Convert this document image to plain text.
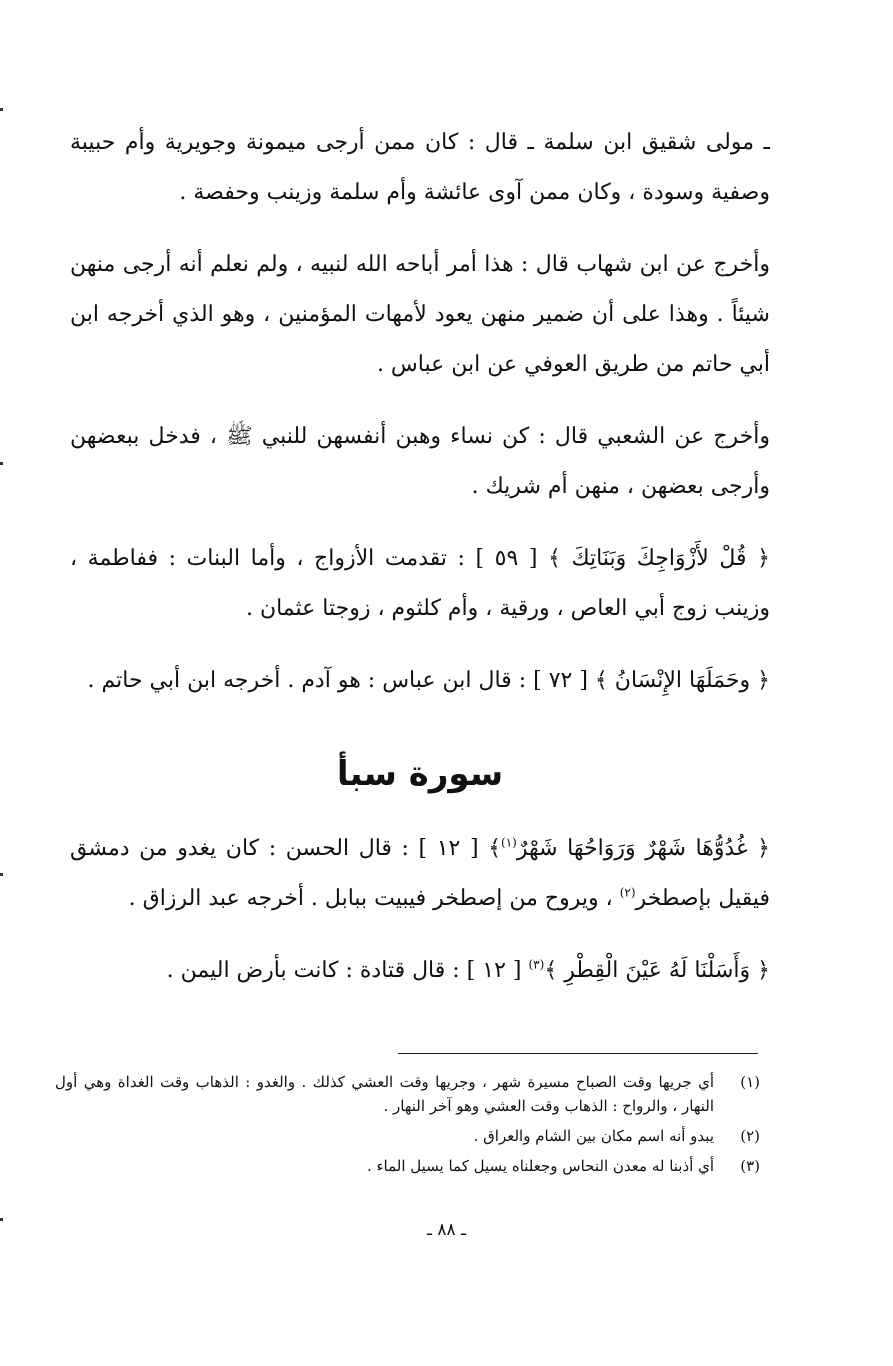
ـ مولى شقيق ابن سلمة ـ قال : كان ممن أرجى ميمونة وجويرية وأم حبيبة وصفية وسودة ، وكان ممن آوى عائشة وأم سلمة وزينب وحفصة .

وأخرج عن ابن شهاب قال : هذا أمر أباحه الله لنبيه ، ولم نعلم أنه أرجى منهن شيئاً . وهذا على أن ضمير منهن يعود لأمهات المؤمنين ، وهو الذي أخرجه ابن أبي حاتم من طريق العوفي عن ابن عباس .

وأخرج عن الشعبي قال : كن نساء وهبن أنفسهن للنبي ﷺ ، فدخل ببعضهن وأرجى بعضهن ، منهن أم شريك .

﴿ قُلْ لأَزْوَاجِكَ وَبَنَاتِكَ ﴾ [ ٥٩ ] : تقدمت الأزواج ، وأما البنات : ففاطمة ، وزينب زوج أبي العاص ، ورقية ، وأم كلثوم ، زوجتا عثمان .

﴿ وحَمَلَهَا الإِنْسَانُ ﴾ [ ٧٢ ] : قال ابن عباس : هو آدم . أخرجه ابن أبي حاتم .

سورة سبأ

﴿ غُدُوُّهَا شَهْرٌ وَرَوَاحُهَا شَهْرٌ$^{(١)}$﴾ [ ١٢ ] : قال الحسن : كان يغدو من دمشق فيقيل بإصطخر$^{(٢)}$ ، ويروح من إصطخر فيبيت ببابل . أخرجه عبد الرزاق .

﴿ وَأَسَلْنَا لَهُ عَيْنَ الْقِطْرِ ﴾$^{(٣)}$ [ ١٢ ] : قال قتادة : كانت بأرض اليمن .

(١)
أي جريها وقت الصباح مسيرة شهر ، وجريها وقت العشي كذلك . والغدو : الذهاب وقت الغداة وهي أول النهار ، والرواح : الذهاب وقت العشي وهو آخر النهار .
(٢)
يبدو أنه اسم مكان بين الشام والعراق .
(٣)
أي أذبنا له معدن النحاس وجعلناه يسيل كما يسيل الماء .
ـ ٨٨ ـ
